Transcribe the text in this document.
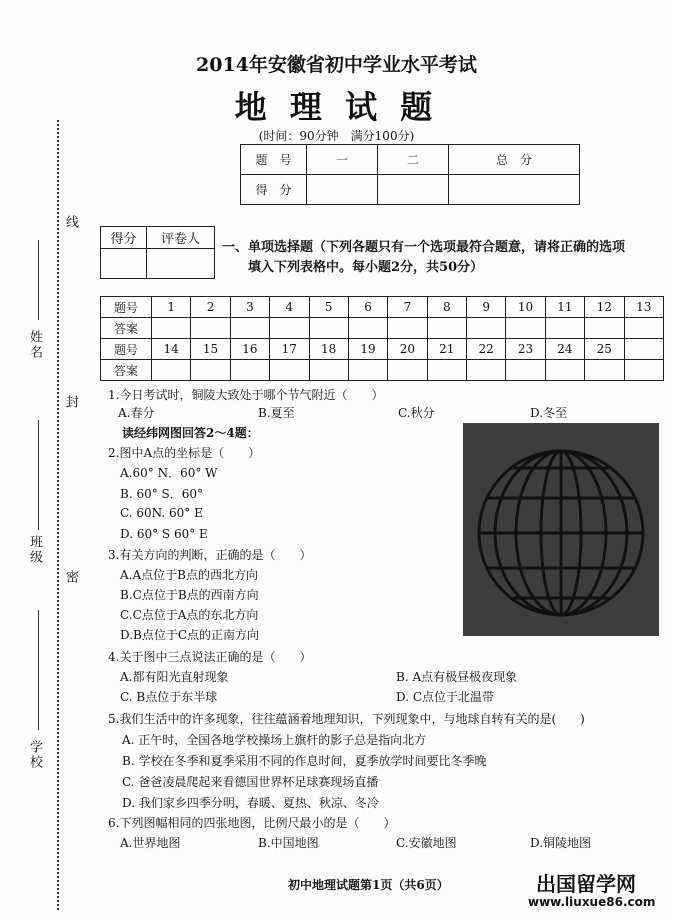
2014年安徽省初中学业水平考试
地 理 试 题
(时间：90分钟　满分100分)
题　号	一	二	总　分
得　分			
得分	评卷人

一、单项选择题（下列各题只有一个选项最符合题意，请将正确的选项
填入下列表格中。每小题2分，共50分）
题号	1	2	3	4	5	6	7	8	9	10	11	12	13
答案													
题号	14	15	16	17	18	19	20	21	22	23	24	25	
答案													
线
姓名
封
班级
密
学校
1.今日考试时，铜陵大致处于哪个节气附近（　　）
A.春分	B.夏至	C.秋分	D.冬至
读经纬网图回答2～4题：
2.图中A点的坐标是（　　）
A.60° N．60° W
B. 60° S．60°
C. 60N. 60° E
D. 60° S 60° E
3.有关方向的判断，正确的是（　　）
A.A点位于B点的西北方向
B.C点位于B点的西南方向
C.C点位于A点的东北方向
D.B点位于C点的正南方向
4.关于图中三点说法正确的是（　　）
A.都有阳光直射现象	B. A点有极昼极夜现象
C. B点位于东半球	D. C点位于北温带
5.我们生活中的许多现象，往往蕴涵着地理知识，下列现象中，与地球自转有关的是(　　)
A. 正午时，全国各地学校操场上旗杆的影子总是指向北方
B. 学校在冬季和夏季采用不同的作息时间，夏季放学时间要比冬季晚
C. 爸爸凌晨爬起来看德国世界杯足球赛现场直播
D. 我们家乡四季分明，春暖、夏热、秋凉、冬冷
6.下列图幅相同的四张地图，比例尺最小的是（　　）
A.世界地图	B.中国地图	C.安徽地图	D.铜陵地图
初中地理试题第1页（共6页）	出国留学网
www.liuxue86.com
